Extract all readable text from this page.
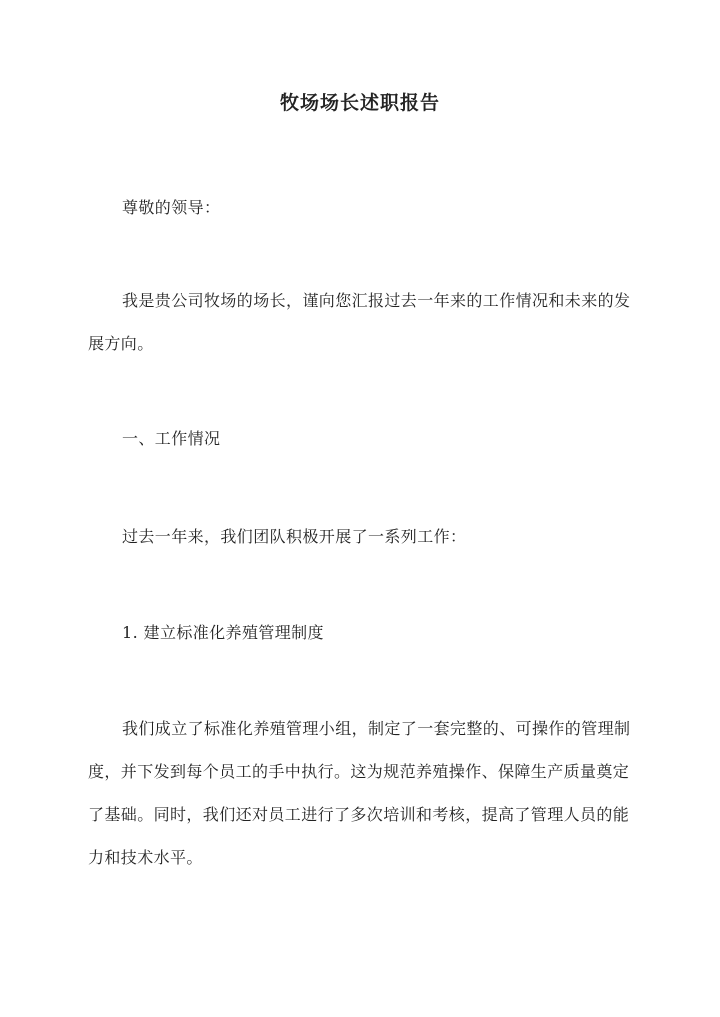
牧场场长述职报告

尊敬的领导：

我是贵公司牧场的场长，谨向您汇报过去一年来的工作情况和未来的发展方向。

一、工作情况

过去一年来，我们团队积极开展了一系列工作：

1. 建立标准化养殖管理制度

我们成立了标准化养殖管理小组，制定了一套完整的、可操作的管理制度，并下发到每个员工的手中执行。这为规范养殖操作、保障生产质量奠定了基础。同时，我们还对员工进行了多次培训和考核，提高了管理人员的能力和技术水平。
